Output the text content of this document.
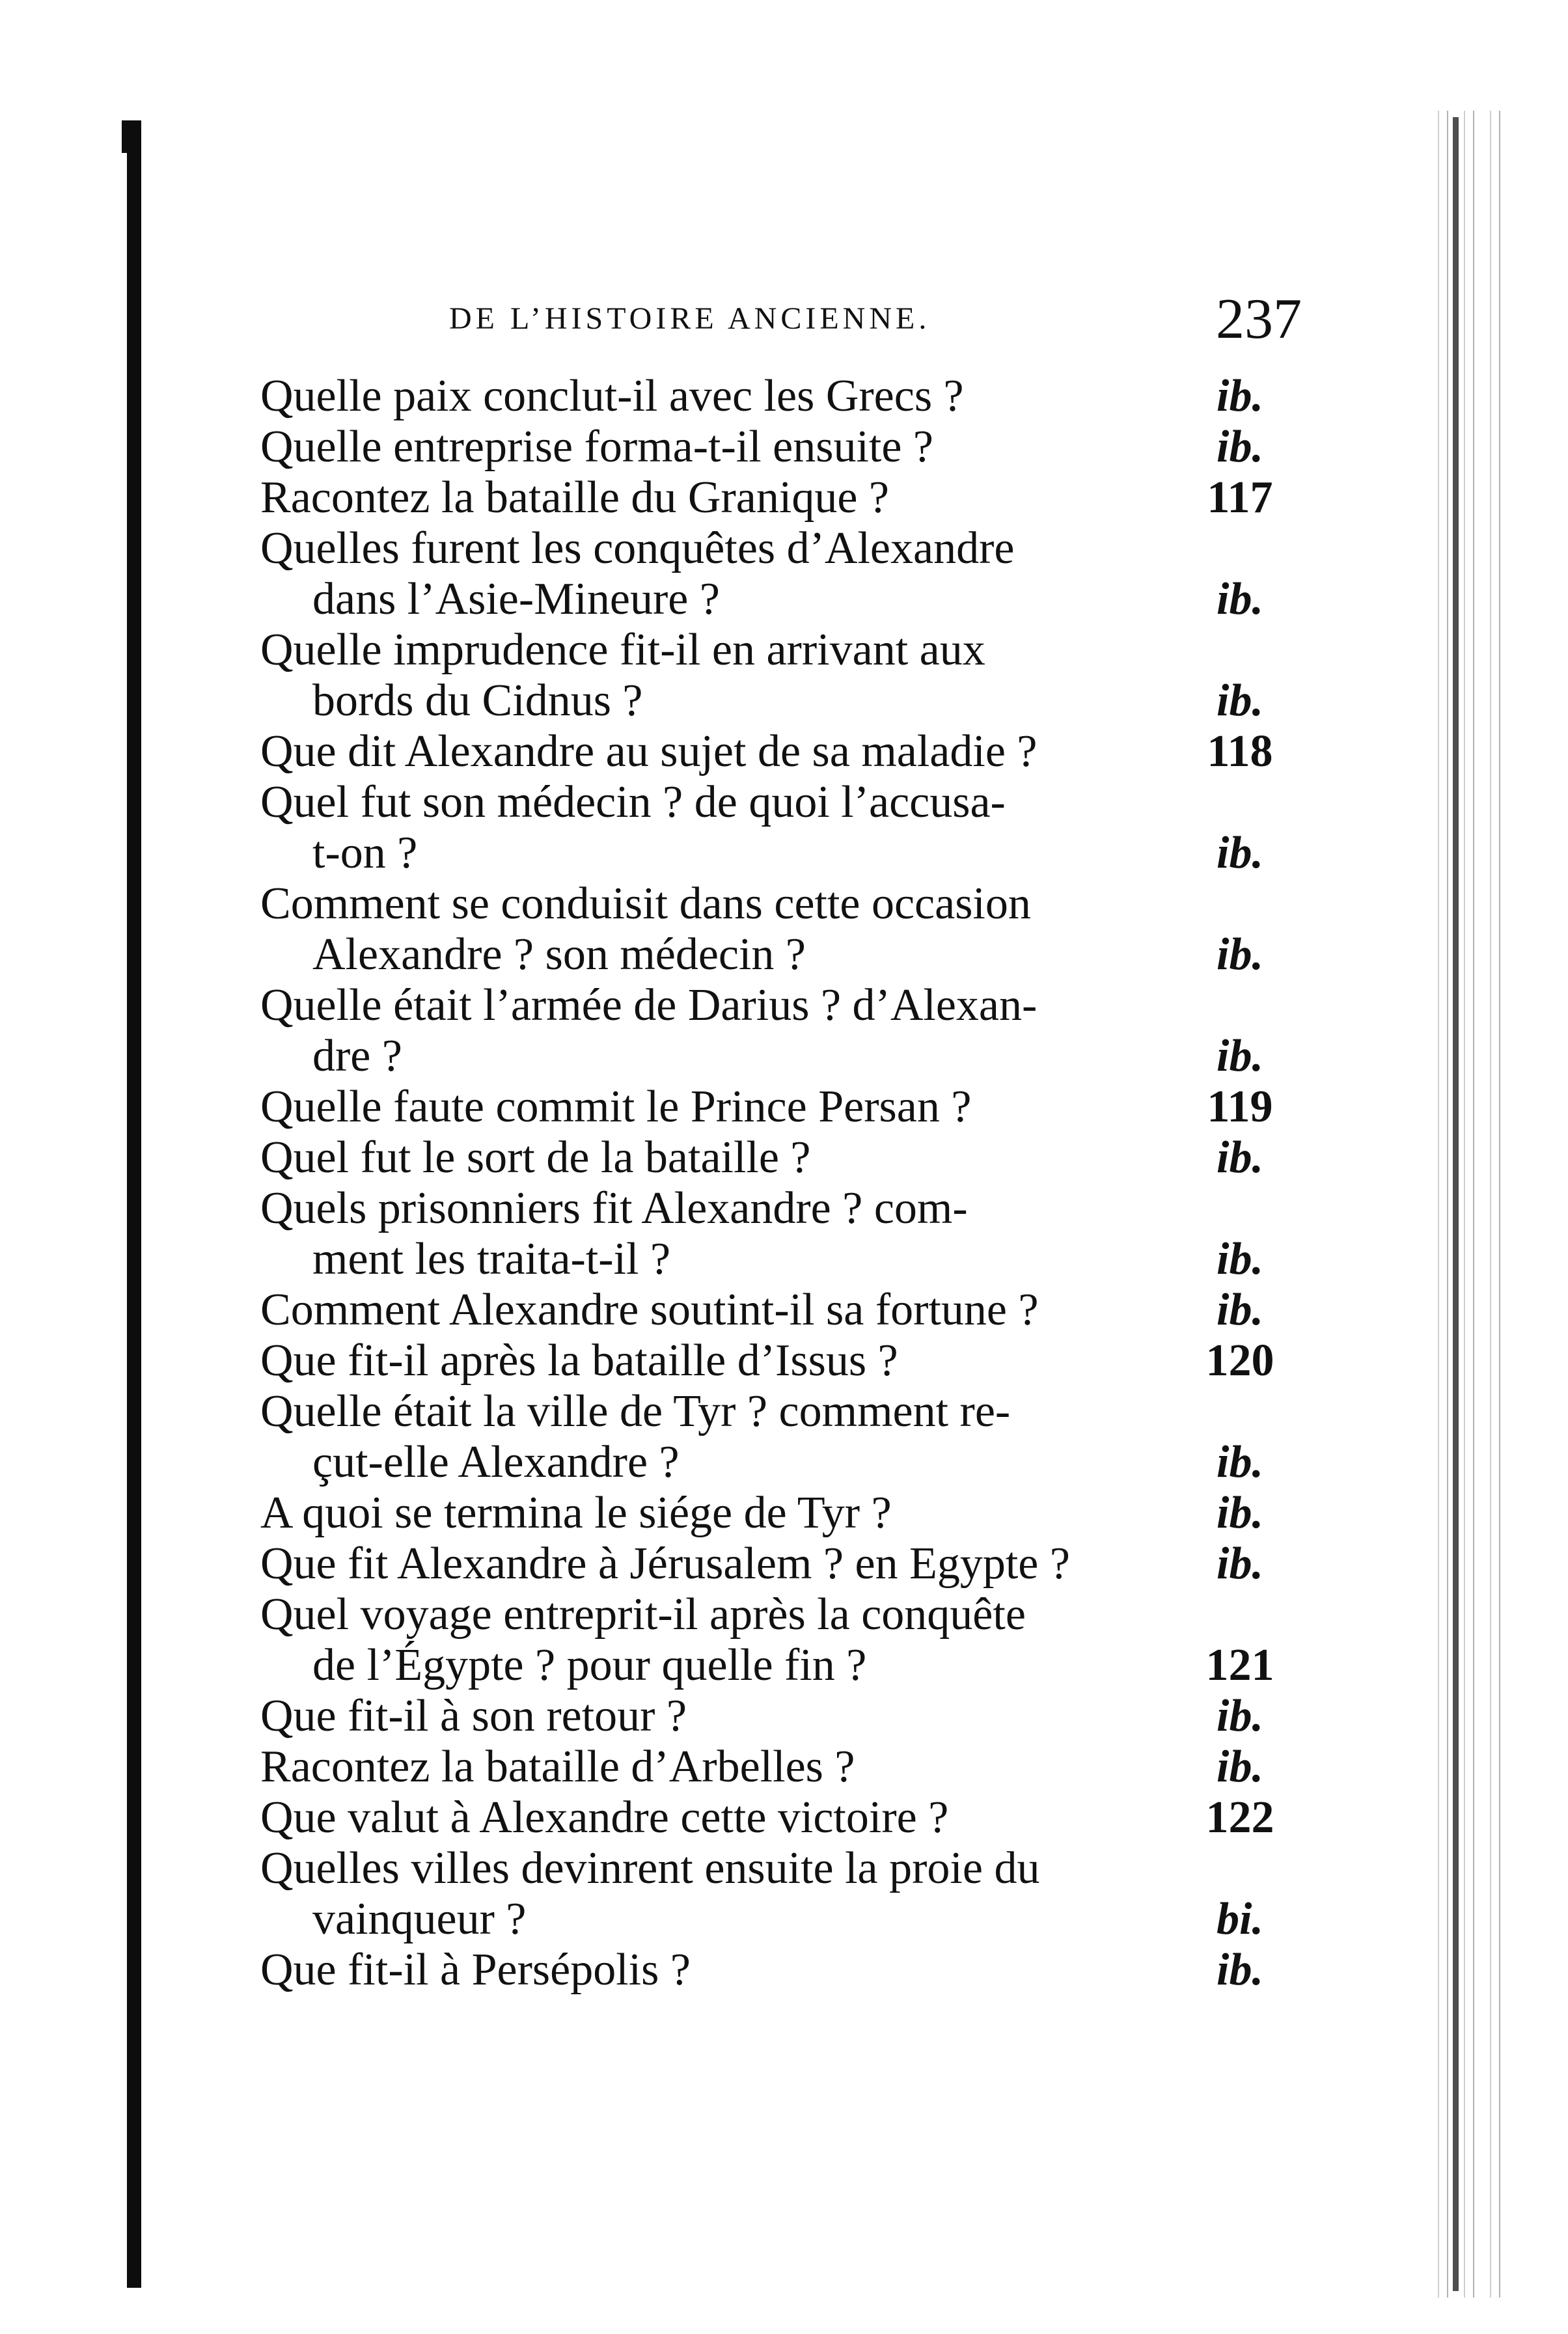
DE L’HISTOIRE ANCIENNE.	237
Quelle paix conclut-il avec les Grecs ?	ib.
Quelle entreprise forma-t-il ensuite ?	ib.
Racontez la bataille du Granique ?	117
Quelles furent les conquêtes d’Alexandre
dans l’Asie-Mineure ?	ib.
Quelle imprudence fit-il en arrivant aux
bords du Cidnus ?	ib.
Que dit Alexandre au sujet de sa maladie ?	118
Quel fut son médecin ? de quoi l’accusa-
t-on ?	ib.
Comment se conduisit dans cette occasion
Alexandre ? son médecin ?	ib.
Quelle était l’armée de Darius ? d’Alexan-
dre ?	ib.
Quelle faute commit le Prince Persan ?	119
Quel fut le sort de la bataille ?	ib.
Quels prisonniers fit Alexandre ? com-
ment les traita-t-il ?	ib.
Comment Alexandre soutint-il sa fortune ?	ib.
Que fit-il après la bataille d’Issus ?	120
Quelle était la ville de Tyr ? comment re-
çut-elle Alexandre ?	ib.
A quoi se termina le siége de Tyr ?	ib.
Que fit Alexandre à Jérusalem ? en Egypte ?	ib.
Quel voyage entreprit-il après la conquête
de l’Égypte ? pour quelle fin ?	121
Que fit-il à son retour ?	ib.
Racontez la bataille d’Arbelles ?	ib.
Que valut à Alexandre cette victoire ?	122
Quelles villes devinrent ensuite la proie du
vainqueur ?	bi.
Que fit-il à Persépolis ?	ib.
